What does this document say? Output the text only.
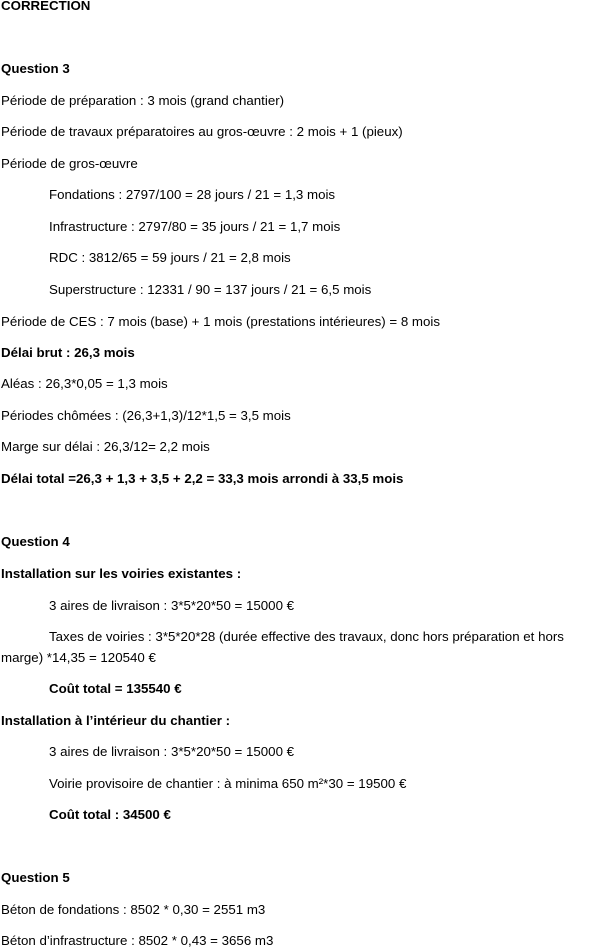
CORRECTION
Question 3
Période de préparation : 3 mois (grand chantier)
Période de travaux préparatoires au gros-œuvre : 2 mois + 1 (pieux)
Période de gros-œuvre
Fondations : 2797/100 = 28 jours / 21 = 1,3 mois
Infrastructure : 2797/80 = 35 jours / 21 = 1,7 mois
RDC : 3812/65 = 59 jours / 21 = 2,8 mois
Superstructure : 12331 / 90 = 137 jours / 21 = 6,5 mois
Période de CES : 7 mois (base) + 1 mois (prestations intérieures) = 8 mois
Délai brut : 26,3 mois
Aléas : 26,3*0,05 = 1,3 mois
Périodes chômées : (26,3+1,3)/12*1,5 = 3,5 mois
Marge sur délai : 26,3/12= 2,2 mois
Délai total =26,3 + 1,3 + 3,5 + 2,2 = 33,3 mois arrondi à 33,5 mois
Question 4
Installation sur les voiries existantes :
3 aires de livraison : 3*5*20*50 = 15000 €
Taxes de voiries : 3*5*20*28 (durée effective des travaux, donc hors préparation et hors
marge) *14,35 = 120540 €
Coût total = 135540 €
Installation à l’intérieur du chantier :
3 aires de livraison : 3*5*20*50 = 15000 €
Voirie provisoire de chantier : à minima 650 m²*30 = 19500 €
Coût total : 34500 €
Question 5
Béton de fondations : 8502 * 0,30 = 2551 m3
Béton d’infrastructure : 8502 * 0,43 = 3656 m3
